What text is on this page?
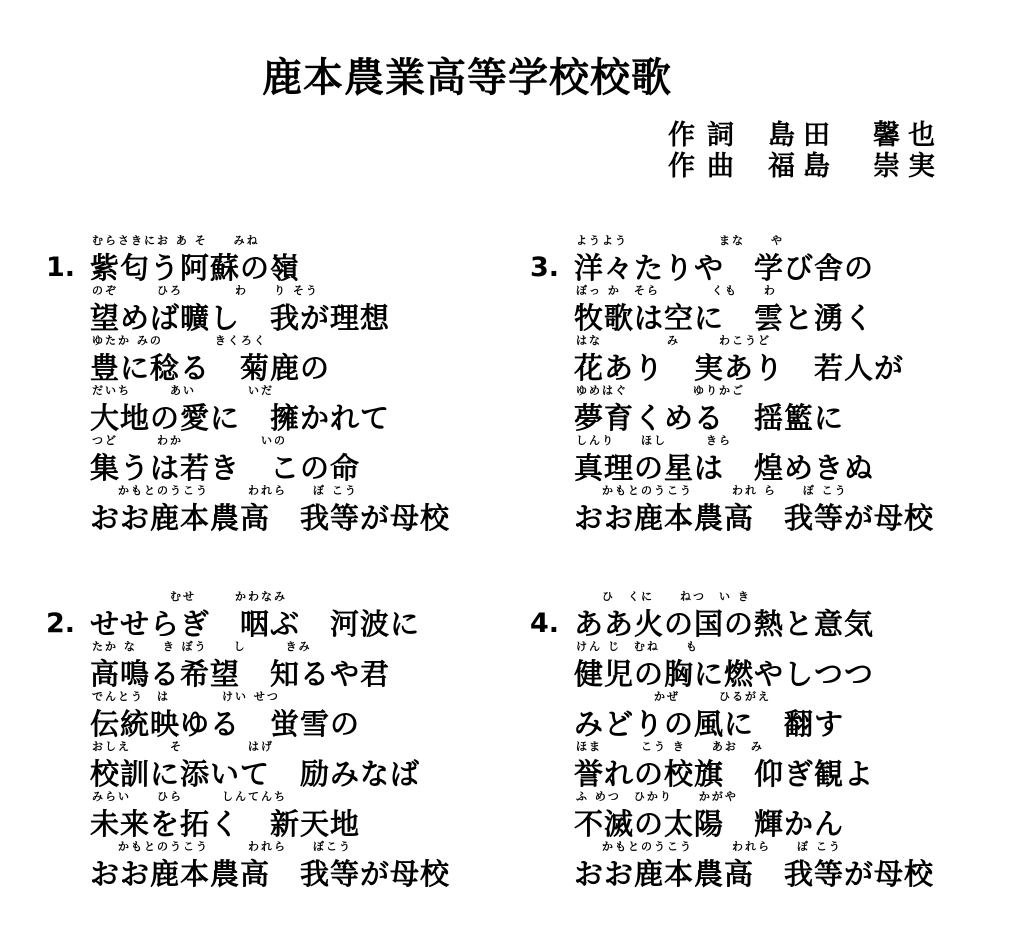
鹿本農業高等学校校歌
作詞 島田　馨也
作曲 福島　崇実
1.
むらさきにお あ そ　　みね
紫匂う阿蘇の嶺
のぞ　　　ひろ　　　　わ　　り そう
望めば曠し　我が理想
ゆたか みの　　　　きくろく
豊に稔る　菊鹿の
だいち　　　あい　　　　いだ
大地の愛に　擁かれて
つど　　　わか　　　　　　いの
集うは若き　この命
　　かもとのうこう　　　われら　　ぼ こう
おお鹿本農高　我等が母校
2.
　　　　　　むせ　　　かわなみ
せせらぎ　咽ぶ　河波に
たか な　　き ぼう　　し　　　きみ
高鳴る希望　知るや君
でんとう　は　　　　けい せつ
伝統映ゆる　蛍雪の
おしえ　　　そ　　　　　はげ
校訓に添いて　励みなば
みらい　　ひら　　　しんてんち
未来を拓く　新天地
　　かもとのうこう　　　われら　　ぼこう
おお鹿本農高　我等が母校
3.
ようよう　　　　　　　まな　　や
洋々たりや　学び舎の
ぼっ か　そら　　　　くも　　わ
牧歌は空に　雲と湧く
はな　　　　　み　　　わこうど
花あり　実あり　若人が
ゆめはぐ　　　　　ゆりかご
夢育くめる　揺籃に
しんり　　ほし　　　きら
真理の星は　煌めきぬ
　　かもとのうこう　　　われ ら　　ぼ こう
おお鹿本農高　我等が母校
4.
　　ひ　くに　　ねつ　い き
ああ火の国の熱と意気
けん じ　むね　　も
健児の胸に燃やしつつ
　　　　　　かぜ　　　ひるがえ
みどりの風に　翻す
ほま　　　こう き　　あお　み
誉れの校旗　仰ぎ観よ
ふ めつ　ひかり　　かがや
不滅の太陽　輝かん
　　かもとのうこう　　　われら　　ぼ こう
おお鹿本農高　我等が母校
